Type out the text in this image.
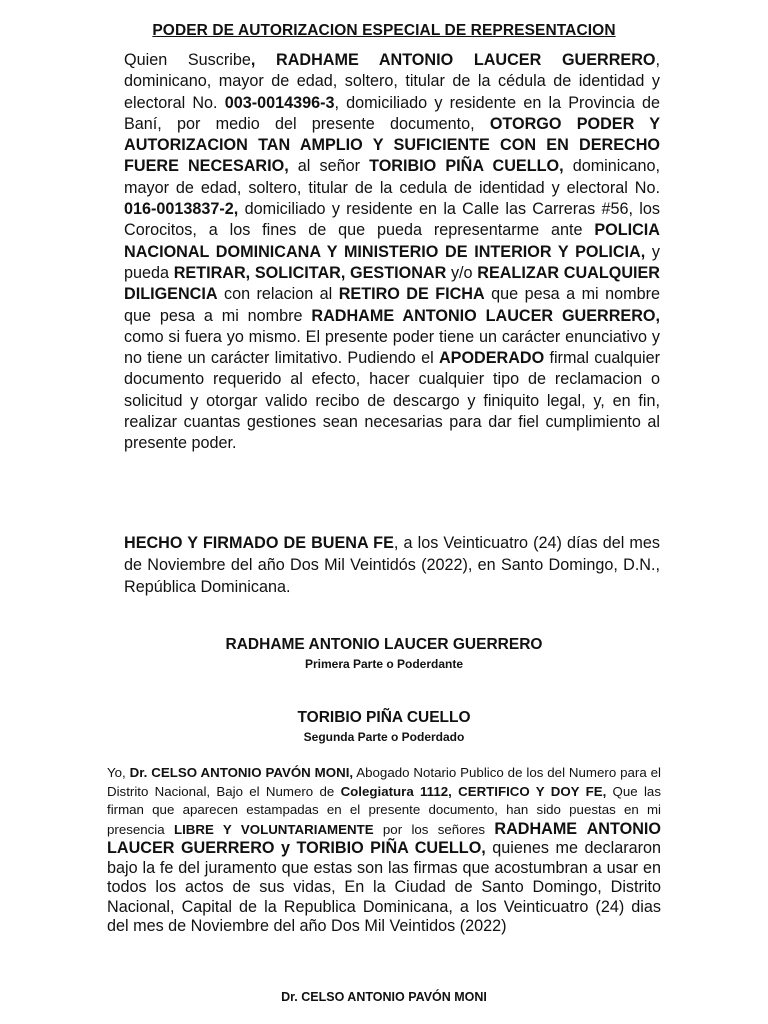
PODER DE AUTORIZACION ESPECIAL DE REPRESENTACION
Quien Suscribe, RADHAME ANTONIO LAUCER GUERRERO, dominicano, mayor de edad, soltero, titular de la cédula de identidad y electoral No. 003-0014396-3, domiciliado y residente en la Provincia de Baní, por medio del presente documento, OTORGO PODER Y AUTORIZACION TAN AMPLIO Y SUFICIENTE CON EN DERECHO FUERE NECESARIO, al señor TORIBIO PIÑA CUELLO, dominicano, mayor de edad, soltero, titular de la cedula de identidad y electoral No. 016-0013837-2, domiciliado y residente en la Calle las Carreras #56, los Corocitos, a los fines de que pueda representarme ante POLICIA NACIONAL DOMINICANA Y MINISTERIO DE INTERIOR Y POLICIA, y pueda RETIRAR, SOLICITAR, GESTIONAR y/o REALIZAR CUALQUIER DILIGENCIA con relacion al RETIRO DE FICHA que pesa a mi nombre que pesa a mi nombre RADHAME ANTONIO LAUCER GUERRERO, como si fuera yo mismo. El presente poder tiene un carácter enunciativo y no tiene un carácter limitativo. Pudiendo el APODERADO firmal cualquier documento requerido al efecto, hacer cualquier tipo de reclamacion o solicitud y otorgar valido recibo de descargo y finiquito legal, y, en fin, realizar cuantas gestiones sean necesarias para dar fiel cumplimiento al presente poder.
HECHO Y FIRMADO DE BUENA FE, a los Veinticuatro (24) días del mes de Noviembre del año Dos Mil Veintidós (2022), en Santo Domingo, D.N., República Dominicana.
RADHAME ANTONIO LAUCER GUERRERO
Primera Parte o Poderdante
TORIBIO PIÑA CUELLO
Segunda Parte o Poderdado
Yo, Dr. CELSO ANTONIO PAVÓN MONI, Abogado Notario Publico de los del Numero para el Distrito Nacional, Bajo el Numero de Colegiatura 1112, CERTIFICO Y DOY FE, Que las firman que aparecen estampadas en el presente documento, han sido puestas en mi presencia LIBRE Y VOLUNTARIAMENTE por los señores RADHAME ANTONIO LAUCER GUERRERO y TORIBIO PIÑA CUELLO, quienes me declararon bajo la fe del juramento que estas son las firmas que acostumbran a usar en todos los actos de sus vidas, En la Ciudad de Santo Domingo, Distrito Nacional, Capital de la Republica Dominicana, a los Veinticuatro (24) dias del mes de Noviembre del año Dos Mil Veintidos (2022)
Dr. CELSO ANTONIO PAVÓN MONI
